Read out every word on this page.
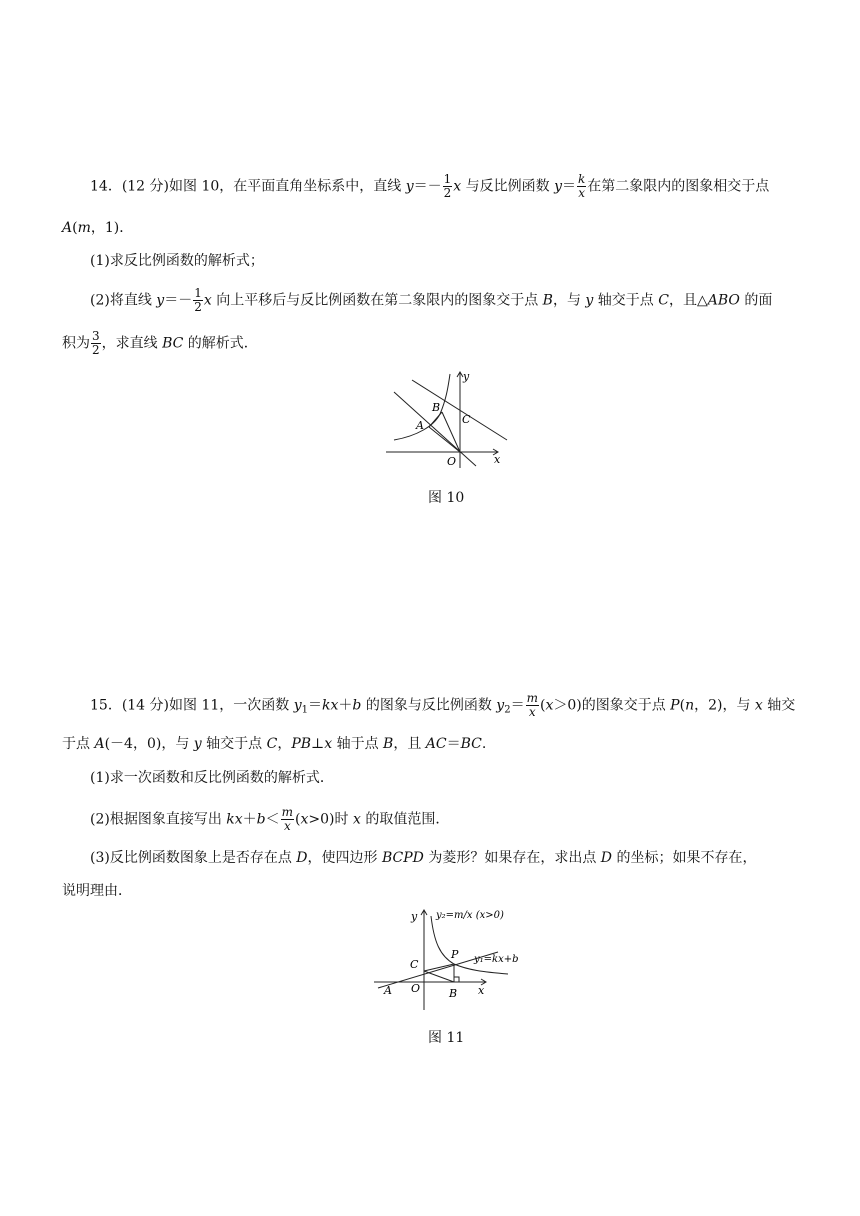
14．(12 分)如图 10，在平面直角坐标系中，直线 $y=- \frac{1}{2}$ x 与反比例函数 $y= \frac{k}{x}$ 在第二象限内的图象相交于点
A(m，1)．
(1)求反比例函数的解析式；
(2)将直线 $y=- \frac{1}{2}$ x 向上平移后与反比例函数在第二象限内的图象交于点 B，与 y 轴交于点 C，且△ABO 的面
积为 $\frac{3}{2}$ ，求直线 BC 的解析式．
y
x
B
A	C
O
图 10
15．(14 分)如图 11，一次函数 $y_1=kx+b$ 的图象与反比例函数 $y_2= \frac{m}{x} (x>0)$的图象交于点 P(n，2)，与 x 轴交
于点 A(－4，0)，与 y 轴交于点 C，PB⊥x 轴于点 B，且 AC＝BC.
(1)求一次函数和反比例函数的解析式．
(2)根据图象直接写出 $kx+b< \frac{m}{x} (x>0)$时 x 的取值范围．
(3)反比例函数图象上是否存在点 D，使四边形 BCPD 为菱形？如果存在，求出点 D 的坐标；如果不存在，
说明理由．
y y₂=m/x (x>0)
P y₁=kx+b
C
A O	B x
图 11
